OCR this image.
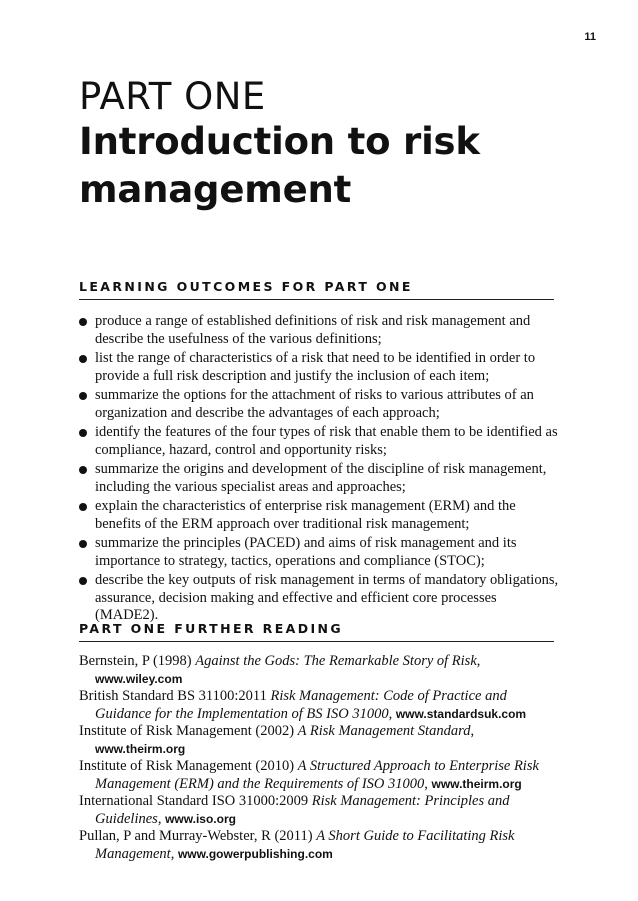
11
PART ONE
Introduction to risk management
LEARNING OUTCOMES FOR PART ONE
produce a range of established definitions of risk and risk management and describe the usefulness of the various definitions;
list the range of characteristics of a risk that need to be identified in order to provide a full risk description and justify the inclusion of each item;
summarize the options for the attachment of risks to various attributes of an organization and describe the advantages of each approach;
identify the features of the four types of risk that enable them to be identified as compliance, hazard, control and opportunity risks;
summarize the origins and development of the discipline of risk management, including the various specialist areas and approaches;
explain the characteristics of enterprise risk management (ERM) and the benefits of the ERM approach over traditional risk management;
summarize the principles (PACED) and aims of risk management and its importance to strategy, tactics, operations and compliance (STOC);
describe the key outputs of risk management in terms of mandatory obligations, assurance, decision making and effective and efficient core processes (MADE2).
PART ONE FURTHER READING
Bernstein, P (1998) Against the Gods: The Remarkable Story of Risk, www.wiley.com
British Standard BS 31100:2011 Risk Management: Code of Practice and Guidance for the Implementation of BS ISO 31000, www.standardsuk.com
Institute of Risk Management (2002) A Risk Management Standard, www.theirm.org
Institute of Risk Management (2010) A Structured Approach to Enterprise Risk Management (ERM) and the Requirements of ISO 31000, www.theirm.org
International Standard ISO 31000:2009 Risk Management: Principles and Guidelines, www.iso.org
Pullan, P and Murray-Webster, R (2011) A Short Guide to Facilitating Risk Management, www.gowerpublishing.com
